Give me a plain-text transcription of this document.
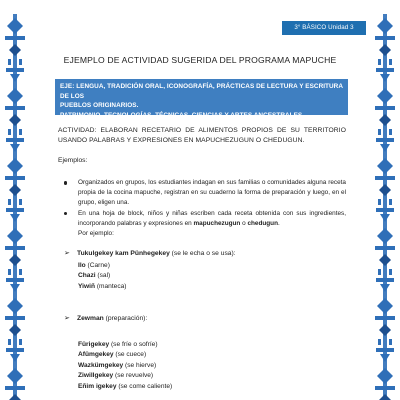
3° BÁSICO Unidad 3
EJEMPLO DE ACTIVIDAD SUGERIDA DEL PROGRAMA MAPUCHE

EJE: LENGUA, TRADICIÓN ORAL, ICONOGRAFÍA, PRÁCTICAS DE LECTURA Y ESCRITURA DE LOS

PUEBLOS ORIGINARIOS.

PATRIMONIO, TECNOLOGÍAS, TÉCNICAS, CIENCIAS Y ARTES ANCESTRALES.

ACTIVIDAD: ELABORAN RECETARIO DE ALIMENTOS PROPIOS DE SU TERRITORIO USANDO PALABRAS Y EXPRESIONES EN MAPUCHEZUGUN O CHEDUGUN.
Ejemplos:
Organizados en grupos, los estudiantes indagan en sus familias o comunidades alguna receta propia de la cocina mapuche, registran en su cuaderno la forma de preparación y luego, en el grupo, eligen una.
En una hoja de block, niños y niñas escriben cada receta obtenida con sus ingredientes, incorporando palabras y expresiones en mapuchezugun o chedugun.
Por ejemplo:
➢ Tukulgekey kam Pünhegekey (se le echa o se usa):
Ilo (Carne)
Chazi (sal)
Yiwiñ (manteca)
➢ Zewman (preparación):
Fürigekey (se fríe o sofríe)
Afümgekey (se cuece)
Wazkümgekey (se hierve)
Ziwillgekey (se revuelve)
Eñim igekey (se come caliente)
